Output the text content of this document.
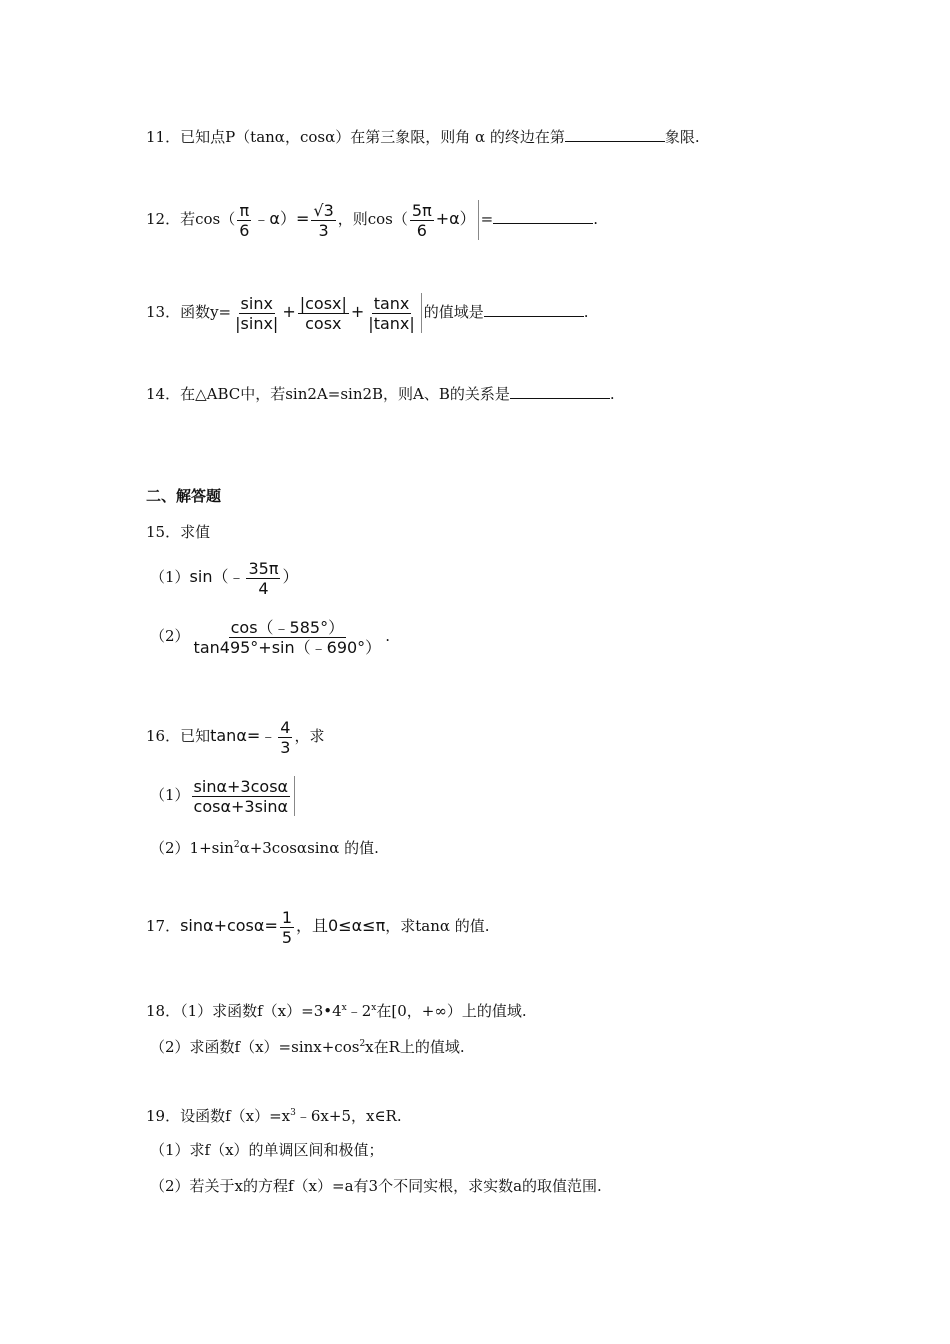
11．已知点P（tanα，cosα）在第三象限，则角 α 的终边在第	象限.
12．若$\cos( \frac{\pi}{6}$ ﹣α）= $\frac{√3}{3}$ ，则$\cos( \frac{5\pi}{6} +\alpha)$ =	.
13．函数$y= \frac{\sin x}{|\sin x|} + \frac{|\cos x|}{\cos x} + \frac{\tan x}{|\tan x|}$ 的值域是	.
14．在△ABC中，若sin2A=sin2B，则A、B的关系是	.
二、解答题
15．求值
（1）sin（﹣ $\frac{35\pi}{4}$ ）
$(2) \frac{\cos(﹣585^\circ)}{\tan 495^\circ+\sin(﹣690^\circ)}$ .
16．已知tanα=﹣ $\frac{4}{3}$ ，求
$(1) \frac{\sin\alpha+3\cos\alpha}{\cos\alpha+3\sin\alpha}$
$(2)1+\sin^2\alpha+3\cos\alpha\sin\alpha$ 的值.
17．$\sin\alpha+\cos\alpha= \frac{1}{5}$ ，且0≤α≤π，求tanα 的值.
18．（1）求函数$f(x)=3•4^x﹣2^x$在[0，+∞）上的值域.
（2）求函数$f(x)=\sin x+\cos^2x$在R上的值域.
19．设函数$f(x)=x^3﹣6x+5$，x∈R.
（1）求f（x）的单调区间和极值；
（2）若关于x的方程f（x）=a有3个不同实根，求实数a的取值范围.
